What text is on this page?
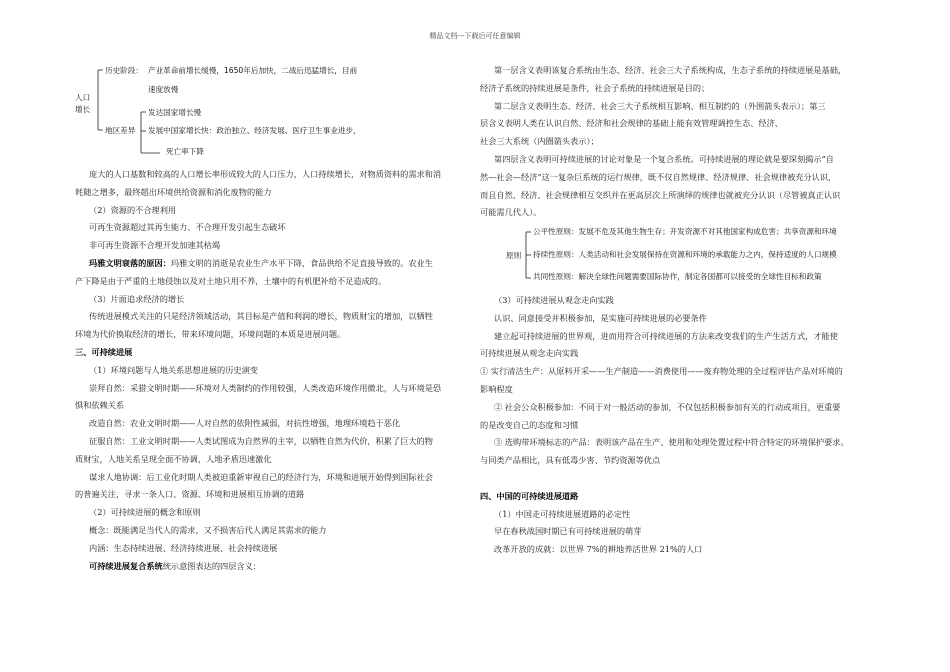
精品文档---下载后可任意编辑
人口
增长
历史阶段： 产业革命前增长缓慢，1650年后加快，二战后迅猛增长，目前
速度放慢
地区差异
发达国家增长慢
发展中国家增长快：政治独立、经济发展、医疗卫生事业进步，
死亡率下降

庞大的人口基数和较高的人口增长率形成较大的人口压力，人口持续增长，对物质资料的需求和消

耗随之增多，最终超出环境供给资源和消化废物的能力

（2）资源的不合理利用

可再生资源超过其再生能力、不合理开发引起生态破坏

非可再生资源不合理开发加速其枯竭

玛雅文明衰落的原因：玛雅文明的消逝是农业生产水平下降，食品供给不足直接导致的。农业生

产下降是由于严重的土地侵蚀以及对土地只用不养，土壤中的有机肥补给不足造成的。

（3）片面追求经济的增长

传统进展模式关注的只是经济领域活动，其目标是产值和利润的增长，物质财宝的增加，以牺牲

环境为代价换取经济的增长，带来环境问题，环境问题的本质是进展问题。

三、可持续进展

（1）环境问题与人地关系思想进展的历史演变

崇拜自然：采猎文明时期——环境对人类制约的作用较强，人类改造环境作用微北，人与环境是恐

惧和依赖关系

改造自然：农业文明时期——人对自然的依附性减弱，对抗性增强，地理环境趋于恶化

征服自然：工业文明时期——人类试图成为自然界的主宰，以牺牲自然为代价，积累了巨大的物

质财宝，人地关系呈现全面不协调，人地矛盾迅速激化

谋求人地协调：后工业化时期人类被迫重新审视自己的经济行为，环境和进展开始得到国际社会

的普遍关注，寻求一条人口、资源、环境和进展相互协调的道路

（2）可持续进展的概念和原则

概念：既能满足当代人的需求，又不损害后代人满足其需求的能力

内涵：生态持续进展、经济持续进展、社会持续进展

可持续进展复合系统统示意图表达的四层含义：

第一层含义表明该复合系统由生态、经济、社会三大子系统构成，生态子系统的持续进展是基础，

经济子系统的持续进展是条件，社会子系统的持续进展是目的；

第二层含义表明生态、经济、社会三大子系统相互影响、相互制约的（外围箭头表示）；第三

层含义表明人类在认识自然、经济和社会规律的基础上能有效管理调控生态、经济、

社会三大系统（内圈箭头表示）；

第四层含义表明可持续进展的讨论对象是一个复合系统。可持续进展的理论就是要深刻揭示“自

然—社会—经济”这一复杂巨系统的运行规律，既不仅自然规律、经济规律、社会规律被充分认识，

而且自然、经济、社会规律相互交织并在更高层次上所演绎的规律也就被充分认识（尽管被真正认识

可能需几代人）。

原则
公平性原则：发展不危及其他生物生存；开发资源不对其他国家构成危害；共享资源和环境
持续性原则：人类活动和社会发展保持在资源和环境的承载能力之内，保持适度的人口规模
共同性原则：解决全球性问题需要国际协作，制定各国都可以接受的全球性目标和政策

（3）可持续进展从观念走向实践

认识、同意接受并积极参加，是实施可持续进展的必要条件

建立起可持续进展的世界观，进而用符合可持续进展的方法来改变我们的生产生活方式，才能使

可持续进展从观念走向实践

① 实行清洁生产：从原料开采——生产制造——消费使用——废弃物处理的全过程评估产品对环境的

影响程度

② 社会公众积极参加：不同于对一般活动的参加，不仅包括积极参加有关的行动或项目，更重要

的是改变自己的态度和习惯

③ 选购带环境标志的产品：表明该产品在生产、使用和处理处置过程中符合特定的环境保护要求。

与同类产品相比，具有低毒少害、节约资源等优点

四、中国的可持续进展道路

（1）中国走可持续进展道路的必定性

早在春秋战国时期已有可持续进展的萌芽

改革开放的成就：以世界 7%的耕地养活世界 21%的人口
